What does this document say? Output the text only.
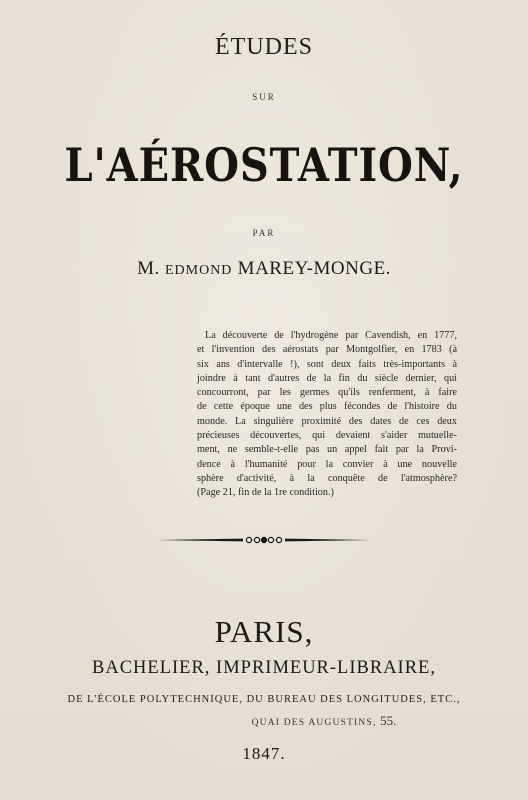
ÉTUDES
SUR
L'AÉROSTATION,
PAR
M. EDMOND MAREY-MONGE.
La découverte de l'hydrogène par Cavendish, en 1777,
et l'invention des aérostats par Montgolfier, en 1783 (à
six ans d'intervalle !), sont deux faits très-importants à
joindre à tant d'autres de la fin du siècle dernier, qui
concourront, par les germes qu'ils renferment, à faire
de cette époque une des plus fécondes de l'histoire du
monde. La singulière proximité des dates de ces deux
précieuses découvertes, qui devaient s'aider mutuelle-
ment, ne semble-t-elle pas un appel fait par la Provi-
dence à l'humanité pour la convier à une nouvelle
sphère d'activité, à la conquête de l'atmosphère?
(Page 21, fin de la 1re condition.)
PARIS,
BACHELIER, IMPRIMEUR-LIBRAIRE,
DE L'ÉCOLE POLYTECHNIQUE, DU BUREAU DES LONGITUDES, ETC.,
QUAI DES AUGUSTINS, 55.
1847.
